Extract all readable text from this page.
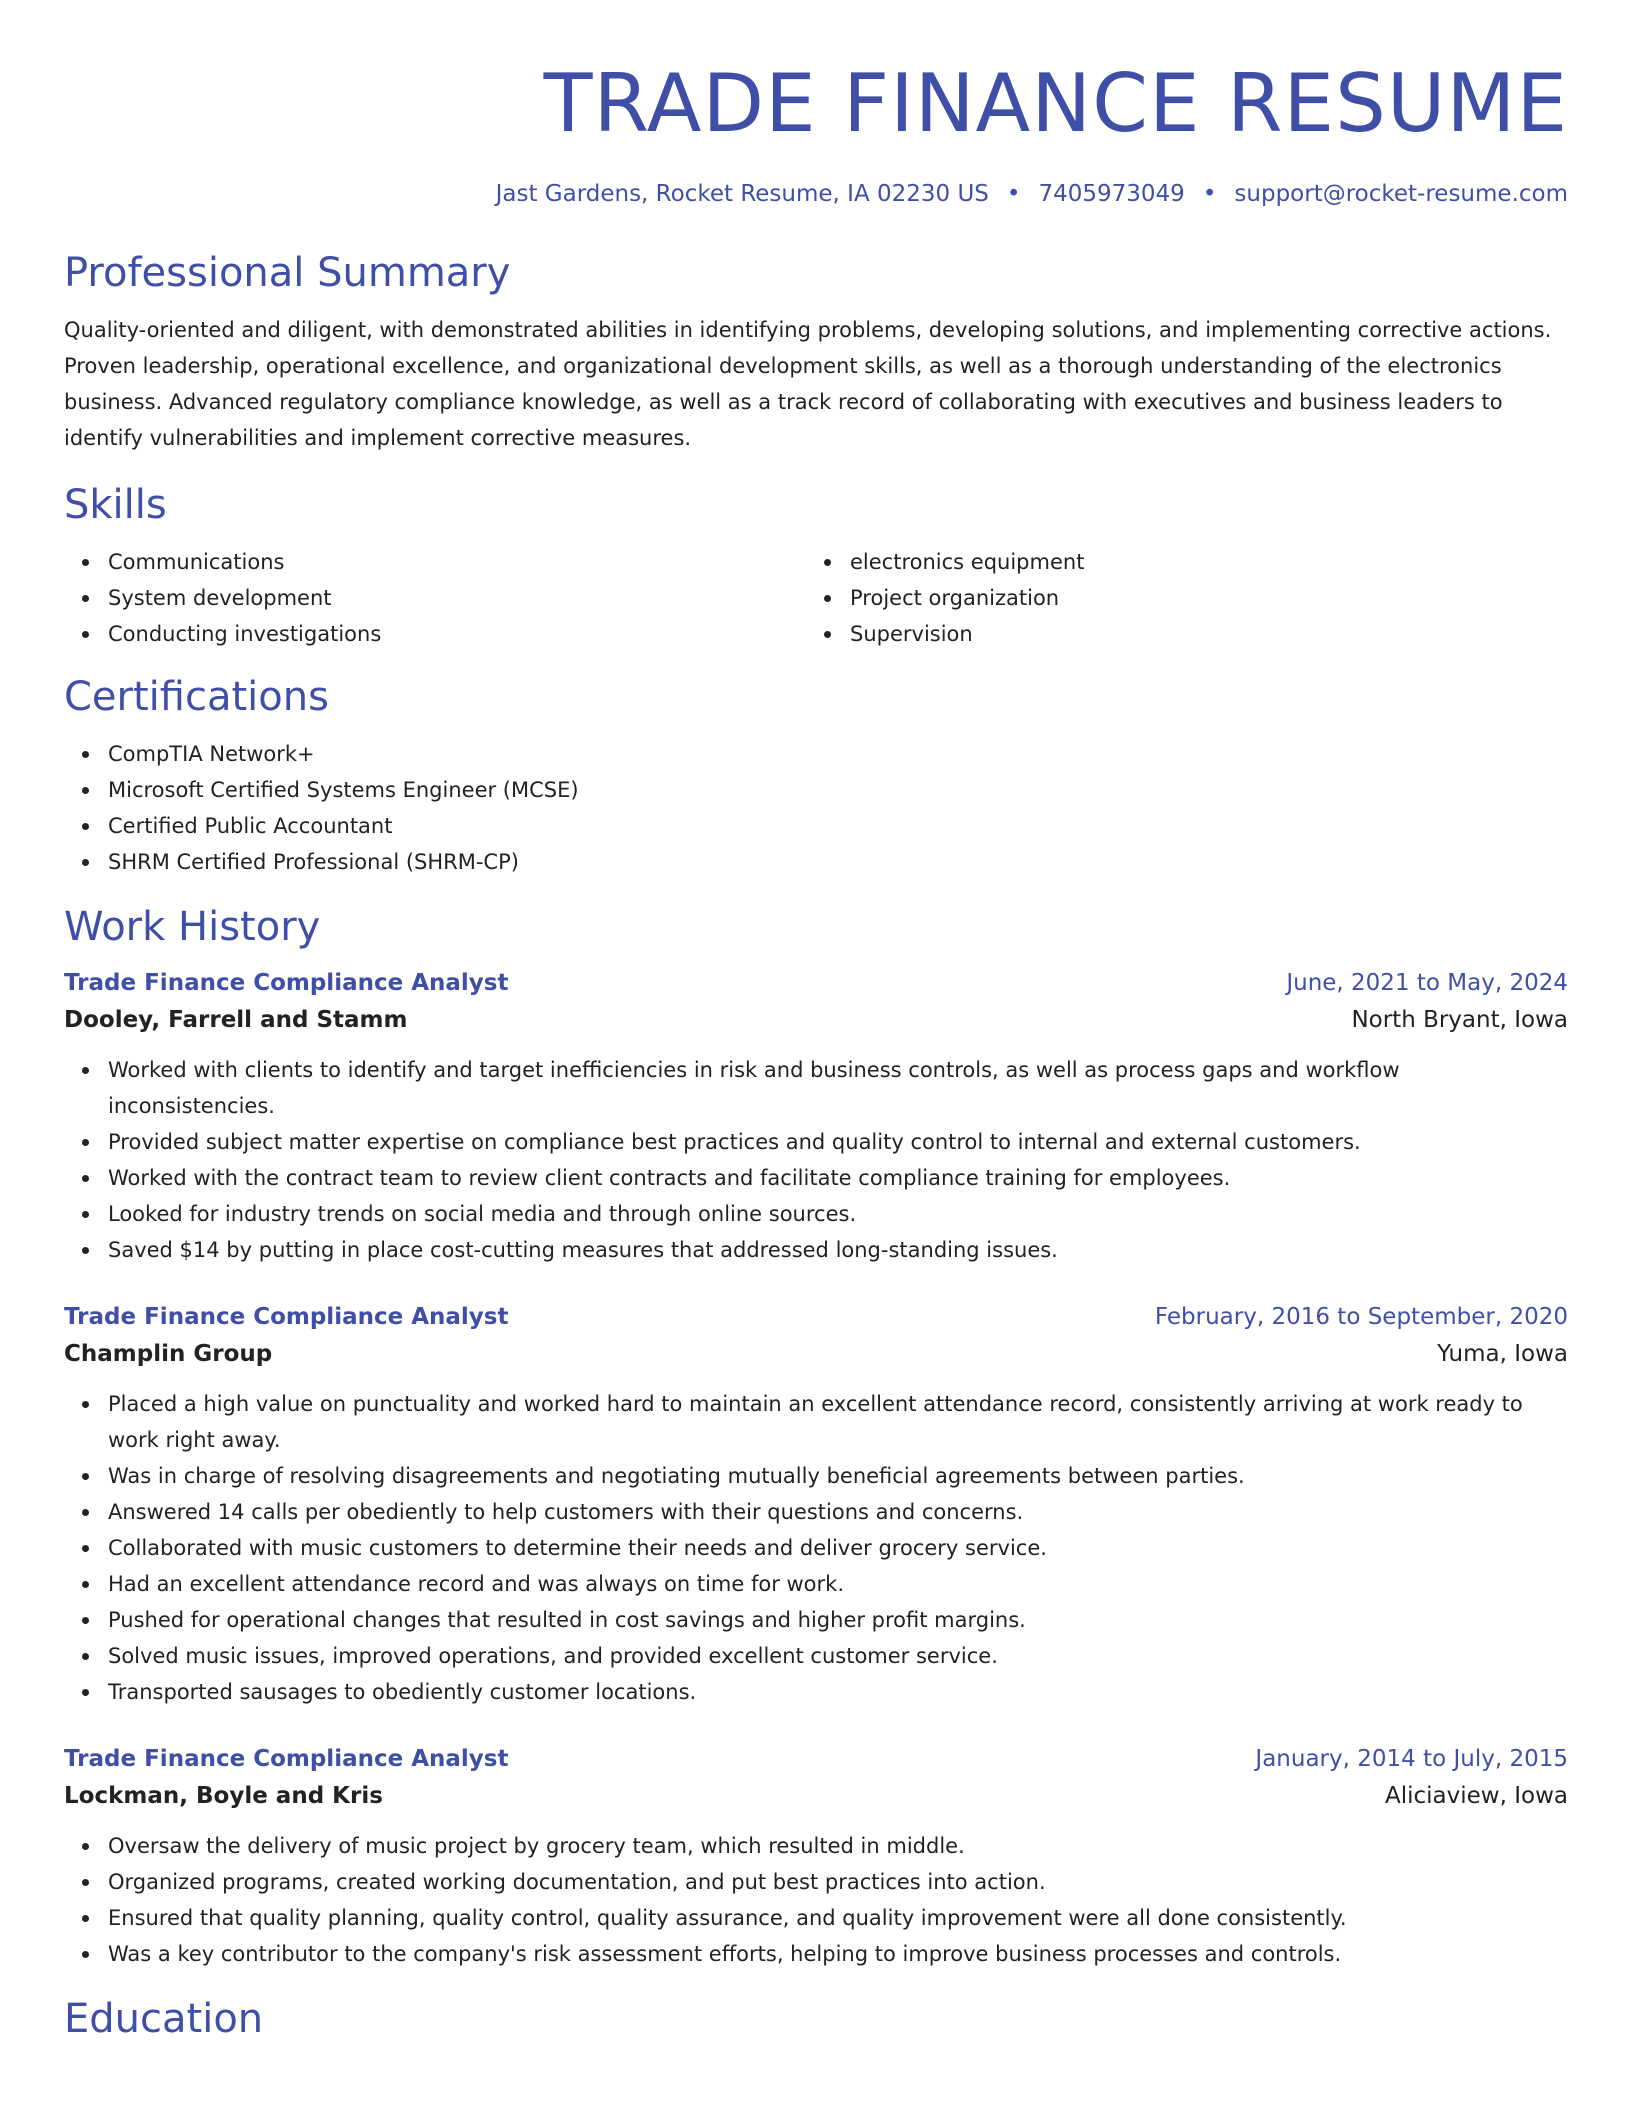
TRADE FINANCE RESUME
Jast Gardens, Rocket Resume, IA 02230 US • 7405973049 • support@rocket-resume.com
Professional Summary
Quality-oriented and diligent, with demonstrated abilities in identifying problems, developing solutions, and implementing corrective actions. Proven leadership, operational excellence, and organizational development skills, as well as a thorough understanding of the electronics business. Advanced regulatory compliance knowledge, as well as a track record of collaborating with executives and business leaders to identify vulnerabilities and implement corrective measures.
Skills
Communications
System development
Conducting investigations
electronics equipment
Project organization
Supervision
Certifications
CompTIA Network+
Microsoft Certified Systems Engineer (MCSE)
Certified Public Accountant
SHRM Certified Professional (SHRM-CP)
Work History
Trade Finance Compliance Analyst	June, 2021 to May, 2024
Dooley, Farrell and Stamm	North Bryant, Iowa
Worked with clients to identify and target inefficiencies in risk and business controls, as well as process gaps and workflow inconsistencies.
Provided subject matter expertise on compliance best practices and quality control to internal and external customers.
Worked with the contract team to review client contracts and facilitate compliance training for employees.
Looked for industry trends on social media and through online sources.
Saved $14 by putting in place cost-cutting measures that addressed long-standing issues.
Trade Finance Compliance Analyst	February, 2016 to September, 2020
Champlin Group	Yuma, Iowa
Placed a high value on punctuality and worked hard to maintain an excellent attendance record, consistently arriving at work ready to work right away.
Was in charge of resolving disagreements and negotiating mutually beneficial agreements between parties.
Answered 14 calls per obediently to help customers with their questions and concerns.
Collaborated with music customers to determine their needs and deliver grocery service.
Had an excellent attendance record and was always on time for work.
Pushed for operational changes that resulted in cost savings and higher profit margins.
Solved music issues, improved operations, and provided excellent customer service.
Transported sausages to obediently customer locations.
Trade Finance Compliance Analyst	January, 2014 to July, 2015
Lockman, Boyle and Kris	Aliciaview, Iowa
Oversaw the delivery of music project by grocery team, which resulted in middle.
Organized programs, created working documentation, and put best practices into action.
Ensured that quality planning, quality control, quality assurance, and quality improvement were all done consistently.
Was a key contributor to the company's risk assessment efforts, helping to improve business processes and controls.
Education
